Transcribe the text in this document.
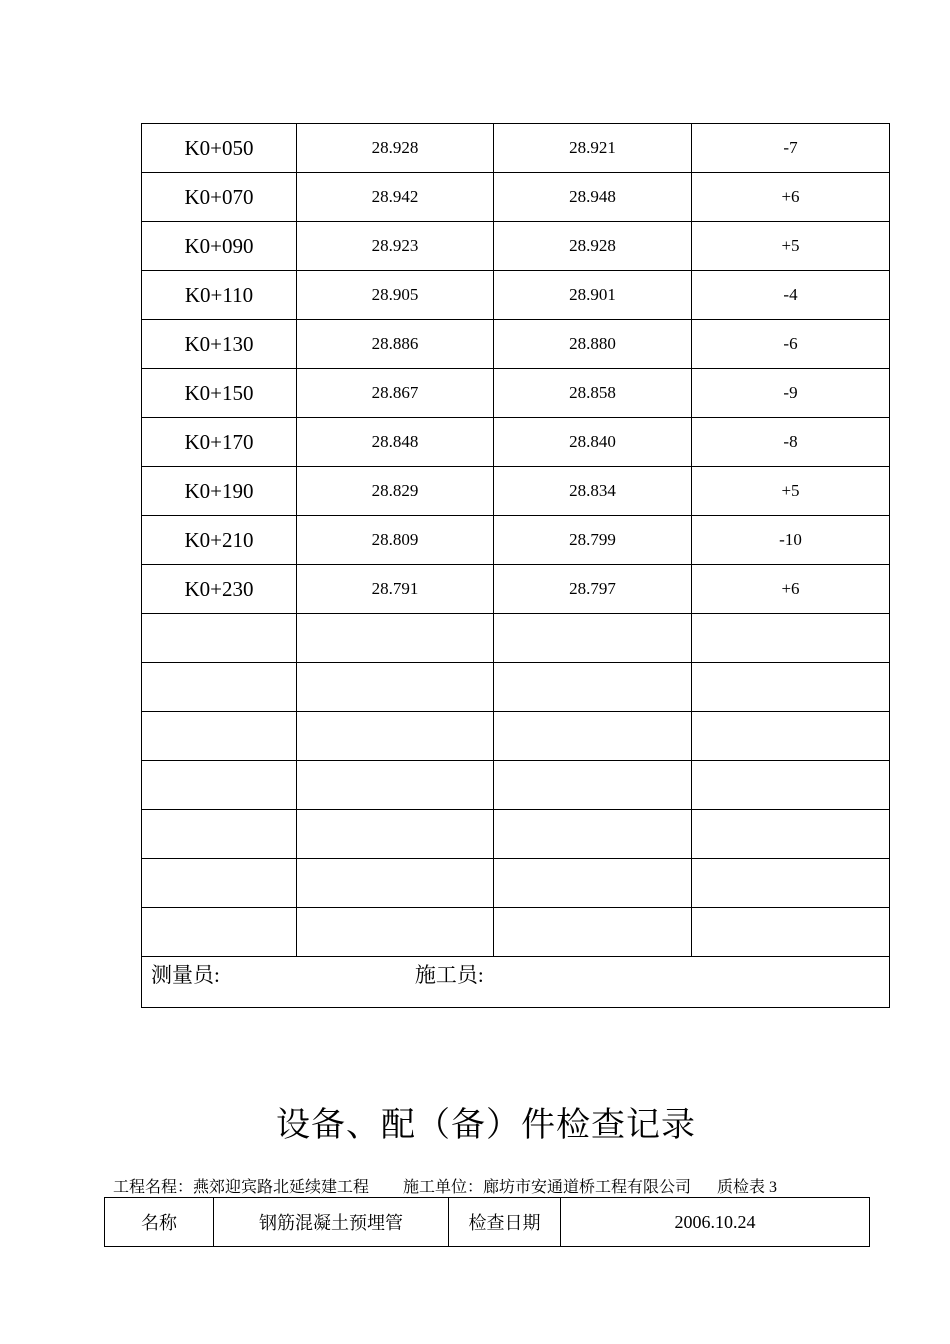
K0+050	28.928	28.921	-7
K0+070	28.942	28.948	+6
K0+090	28.923	28.928	+5
K0+110	28.905	28.901	-4
K0+130	28.886	28.880	-6
K0+150	28.867	28.858	-9
K0+170	28.848	28.840	-8
K0+190	28.829	28.834	+5
K0+210	28.809	28.799	-10
K0+230	28.791	28.797	+6

测量员: 施工员:			
设备、配（备）件检查记录
工程名程：燕郊迎宾路北延续建工程 施工单位：廊坊市安通道桥工程有限公司 质检表 3
名称	钢筋混凝土预埋管	检查日期	2006.10.24
